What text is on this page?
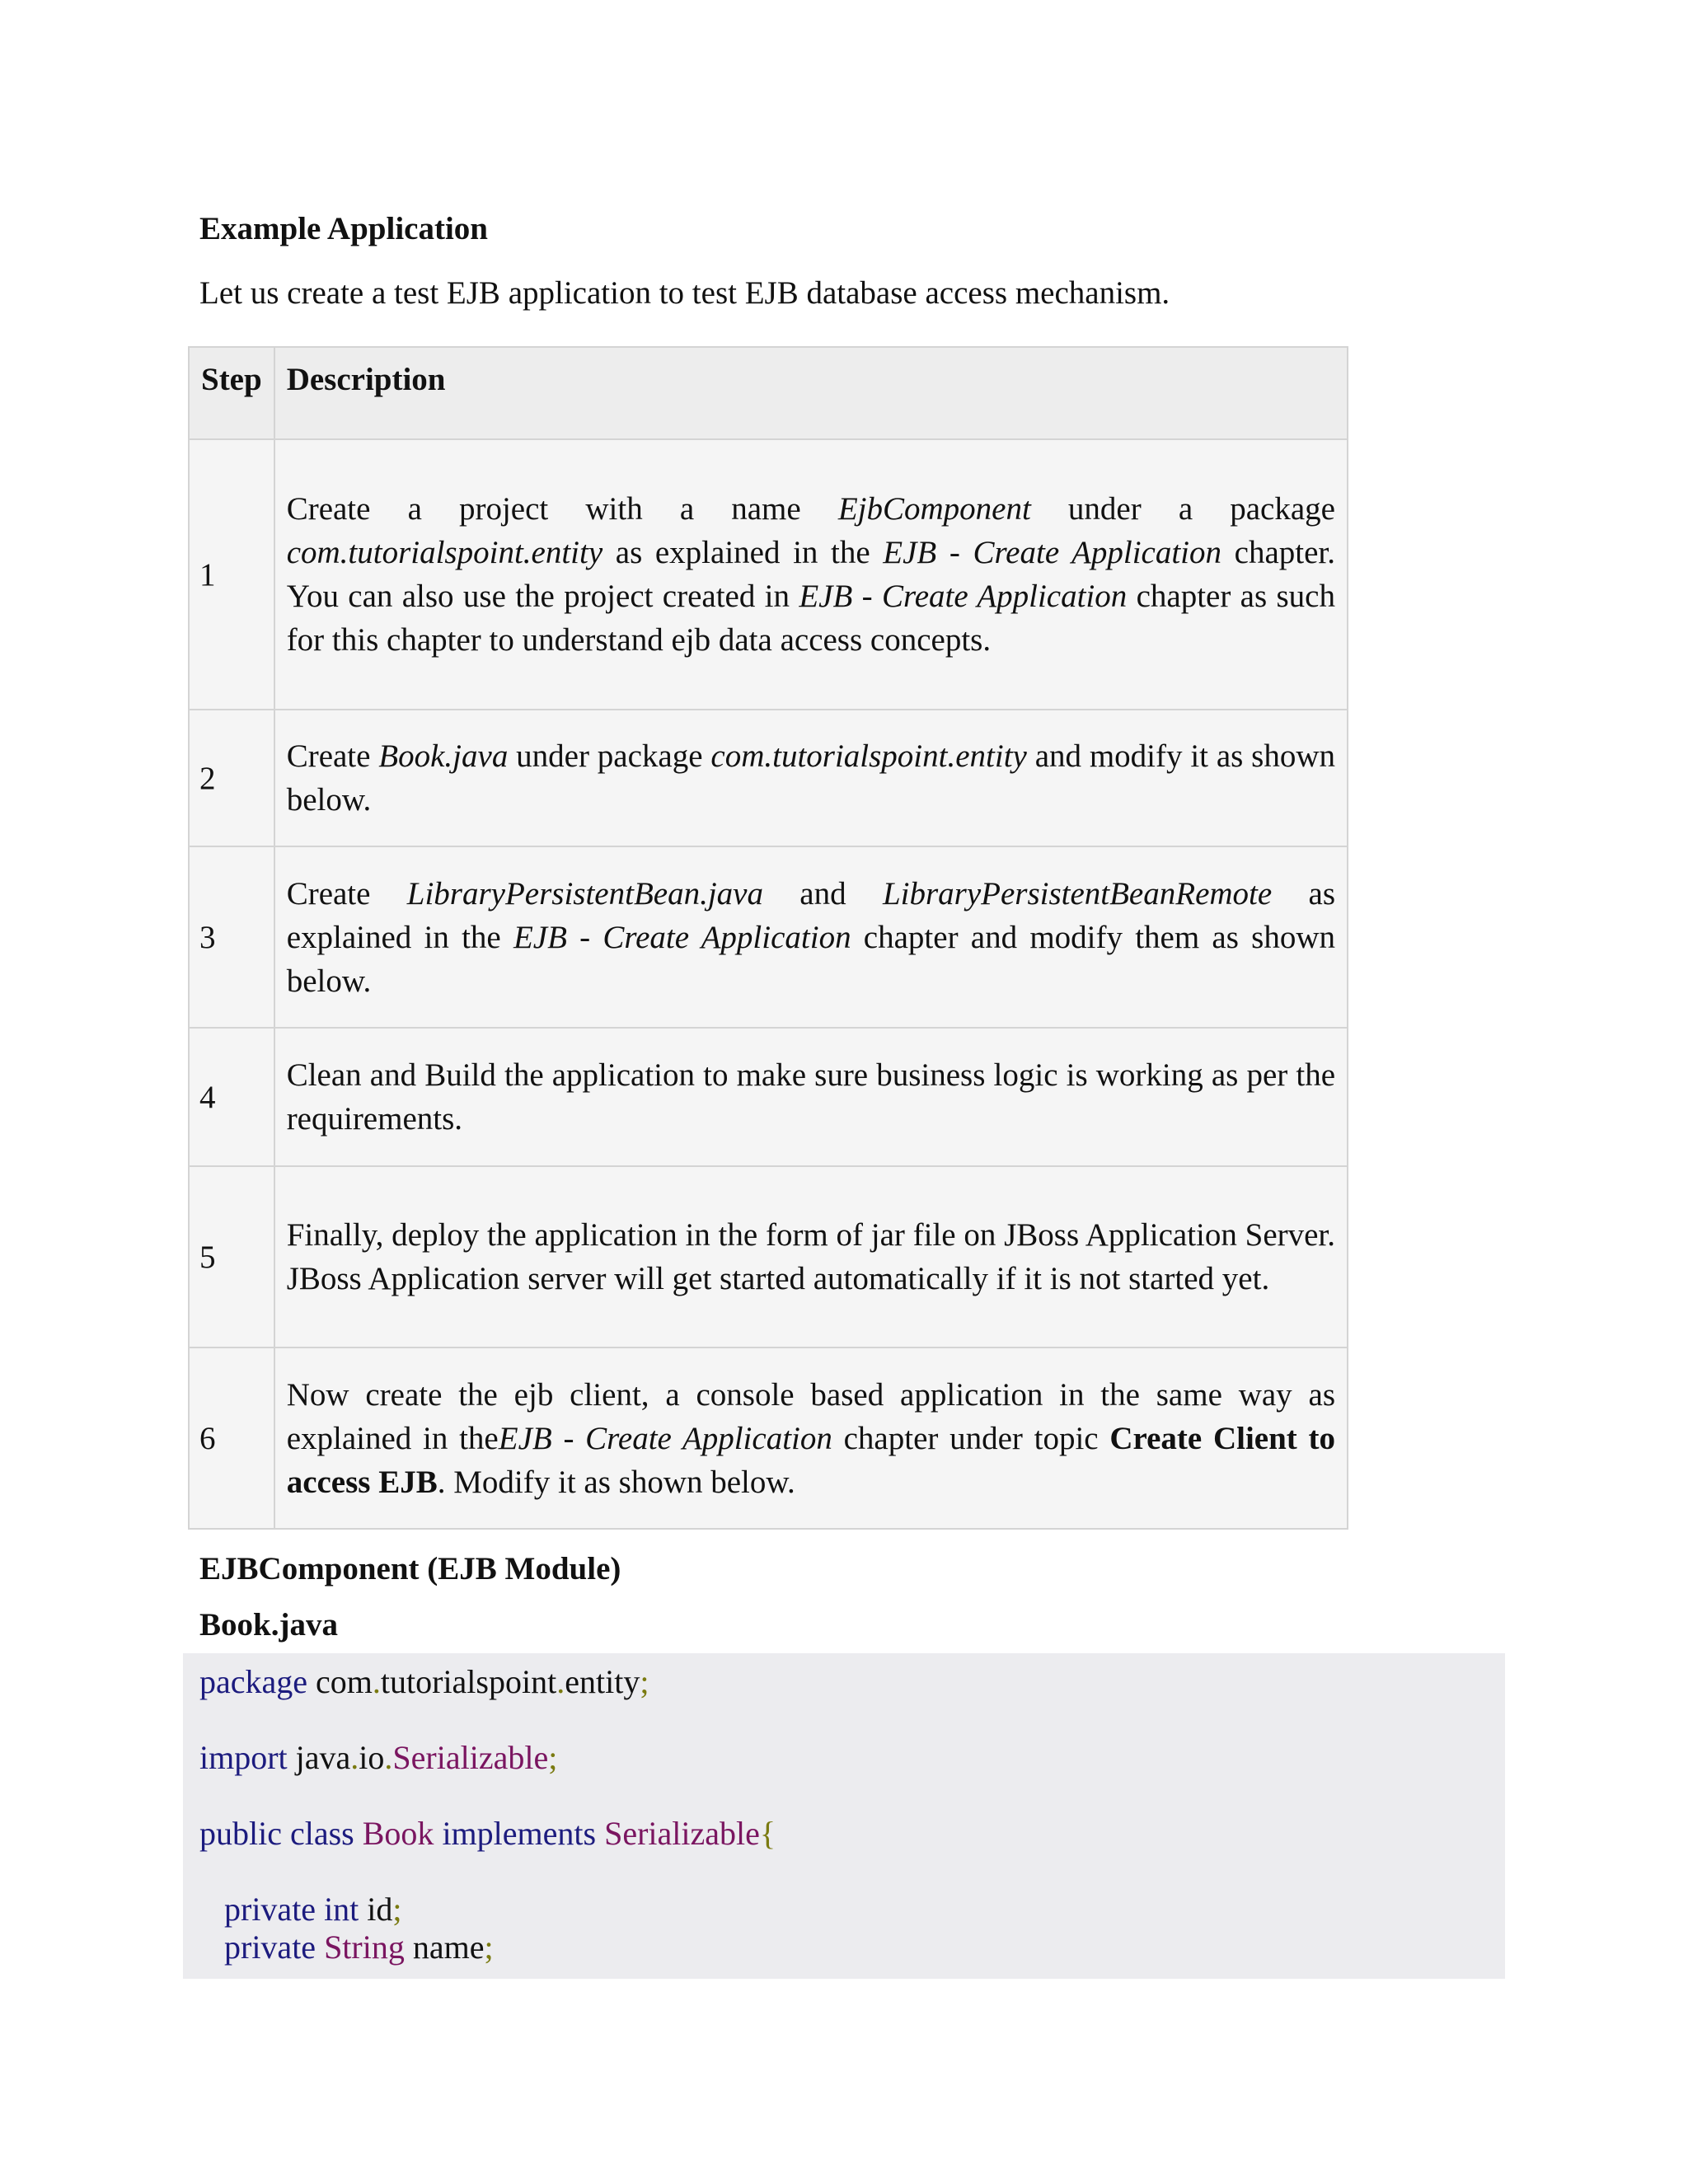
Example Application
Let us create a test EJB application to test EJB database access mechanism.
Step	Description
1	Create a project with a name EjbComponent under a package com.tutorialspoint.entity as explained in the EJB - Create Application chapter. You can also use the project created in EJB - Create Application chapter as such for this chapter to understand ejb data access concepts.
2	Create Book.java under package com.tutorialspoint.entity and modify it as shown below.
3	Create LibraryPersistentBean.java and LibraryPersistentBeanRemote as explained in the EJB - Create Application chapter and modify them as shown below.
4	Clean and Build the application to make sure business logic is working as per the requirements.
5	Finally, deploy the application in the form of jar file on JBoss Application Server. JBoss Application server will get started automatically if it is not started yet.
6	Now create the ejb client, a console based application in the same way as explained in theEJB - Create Application chapter under topic Create Client to access EJB. Modify it as shown below.
EJBComponent (EJB Module)
Book.java
package com.tutorialspoint.entity;
import java.io.Serializable;
public class Book implements Serializable{
private int id;
private String name;
